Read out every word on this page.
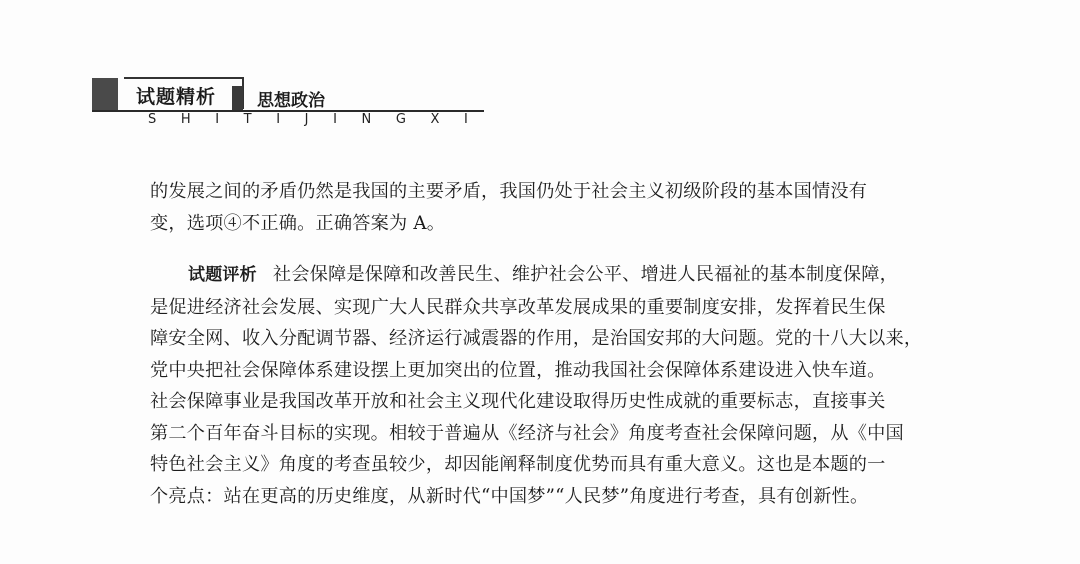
试题精析 思想政治
S H I T I J I N G X I

的发展之间的矛盾仍然是我国的主要矛盾，我国仍处于社会主义初级阶段的基本国情没有

变，选项④不正确。正确答案为 A。

试题评析 社会保障是保障和改善民生、维护社会公平、增进人民福祉的基本制度保障，

是促进经济社会发展、实现广大人民群众共享改革发展成果的重要制度安排，发挥着民生保

障安全网、收入分配调节器、经济运行减震器的作用，是治国安邦的大问题。党的十八大以来，

党中央把社会保障体系建设摆上更加突出的位置，推动我国社会保障体系建设进入快车道。

社会保障事业是我国改革开放和社会主义现代化建设取得历史性成就的重要标志，直接事关

第二个百年奋斗目标的实现。相较于普遍从《经济与社会》角度考查社会保障问题，从《中国

特色社会主义》角度的考查虽较少，却因能阐释制度优势而具有重大意义。这也是本题的一

个亮点：站在更高的历史维度，从新时代“中国梦”“人民梦”角度进行考查，具有创新性。
